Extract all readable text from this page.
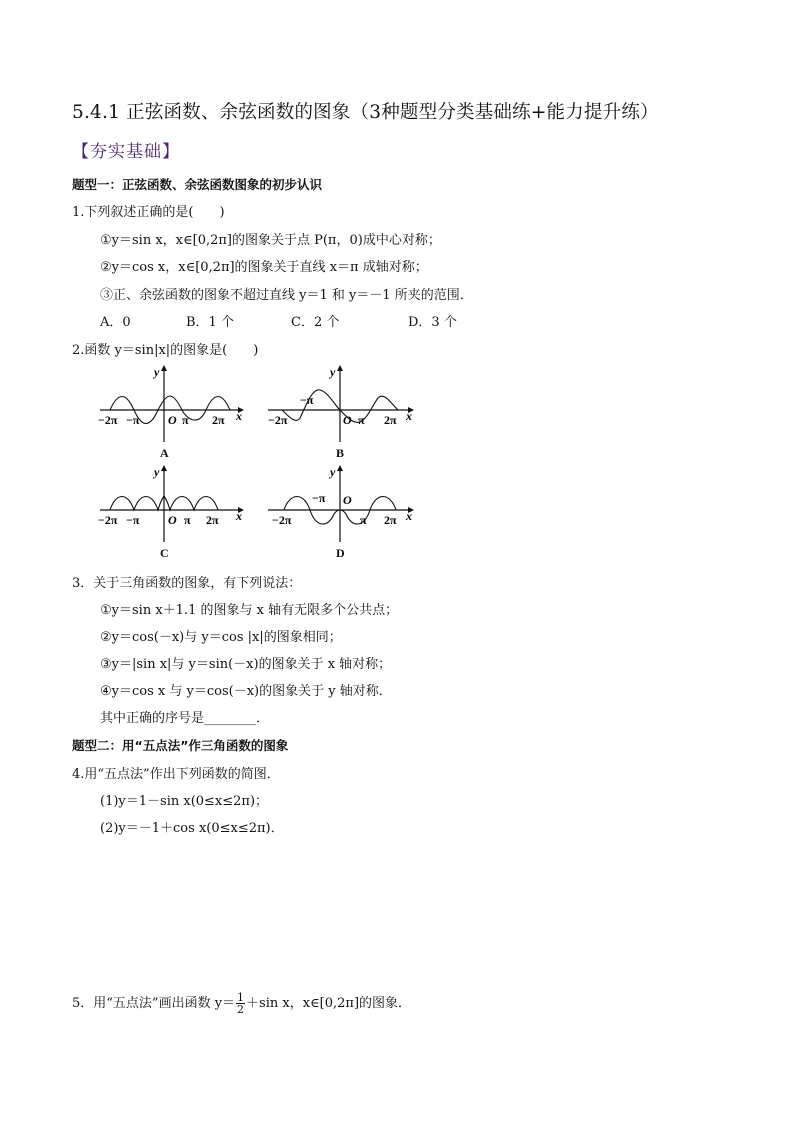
5.4.1 正弦函数、余弦函数的图象（3种题型分类基础练+能力提升练）
【夯实基础】
题型一：正弦函数、余弦函数图象的初步认识
1.下列叙述正确的是(　　)
①y＝sin x，x∈[0,2π]的图象关于点 P(π，0)成中心对称；
②y＝cos x，x∈[0,2π]的图象关于直线 x＝π 成轴对称；
③正、余弦函数的图象不超过直线 y＝1 和 y＝－1 所夹的范围．
A．0	B．1 个	C．2 个	D．3 个
2.函数 y＝sin|x|的图象是(　　)
−2π −π O π 2π x
y
A
−2π
−π
O π 2π x
y
B
−2π −π O π 2π x
y
C
−2π
−π O
π 2π x
y
D
3．关于三角函数的图象，有下列说法：
①y＝sin x＋1.1 的图象与 x 轴有无限多个公共点；
②y＝cos(－x)与 y＝cos |x|的图象相同；
③y＝|sin x|与 y＝sin(－x)的图象关于 x 轴对称；
④y＝cos x 与 y＝cos(－x)的图象关于 y 轴对称．
其中正确的序号是________．
题型二：用“五点法”作三角函数的图象
4.用“五点法”作出下列函数的简图．
(1)y＝1－sin x(0≤x≤2π)；
(2)y＝－1＋cos x(0≤x≤2π)．
5．用“五点法”画出函数 $y= \frac{1}{2} +\sin$ x，x∈[0,2π]的图象．
